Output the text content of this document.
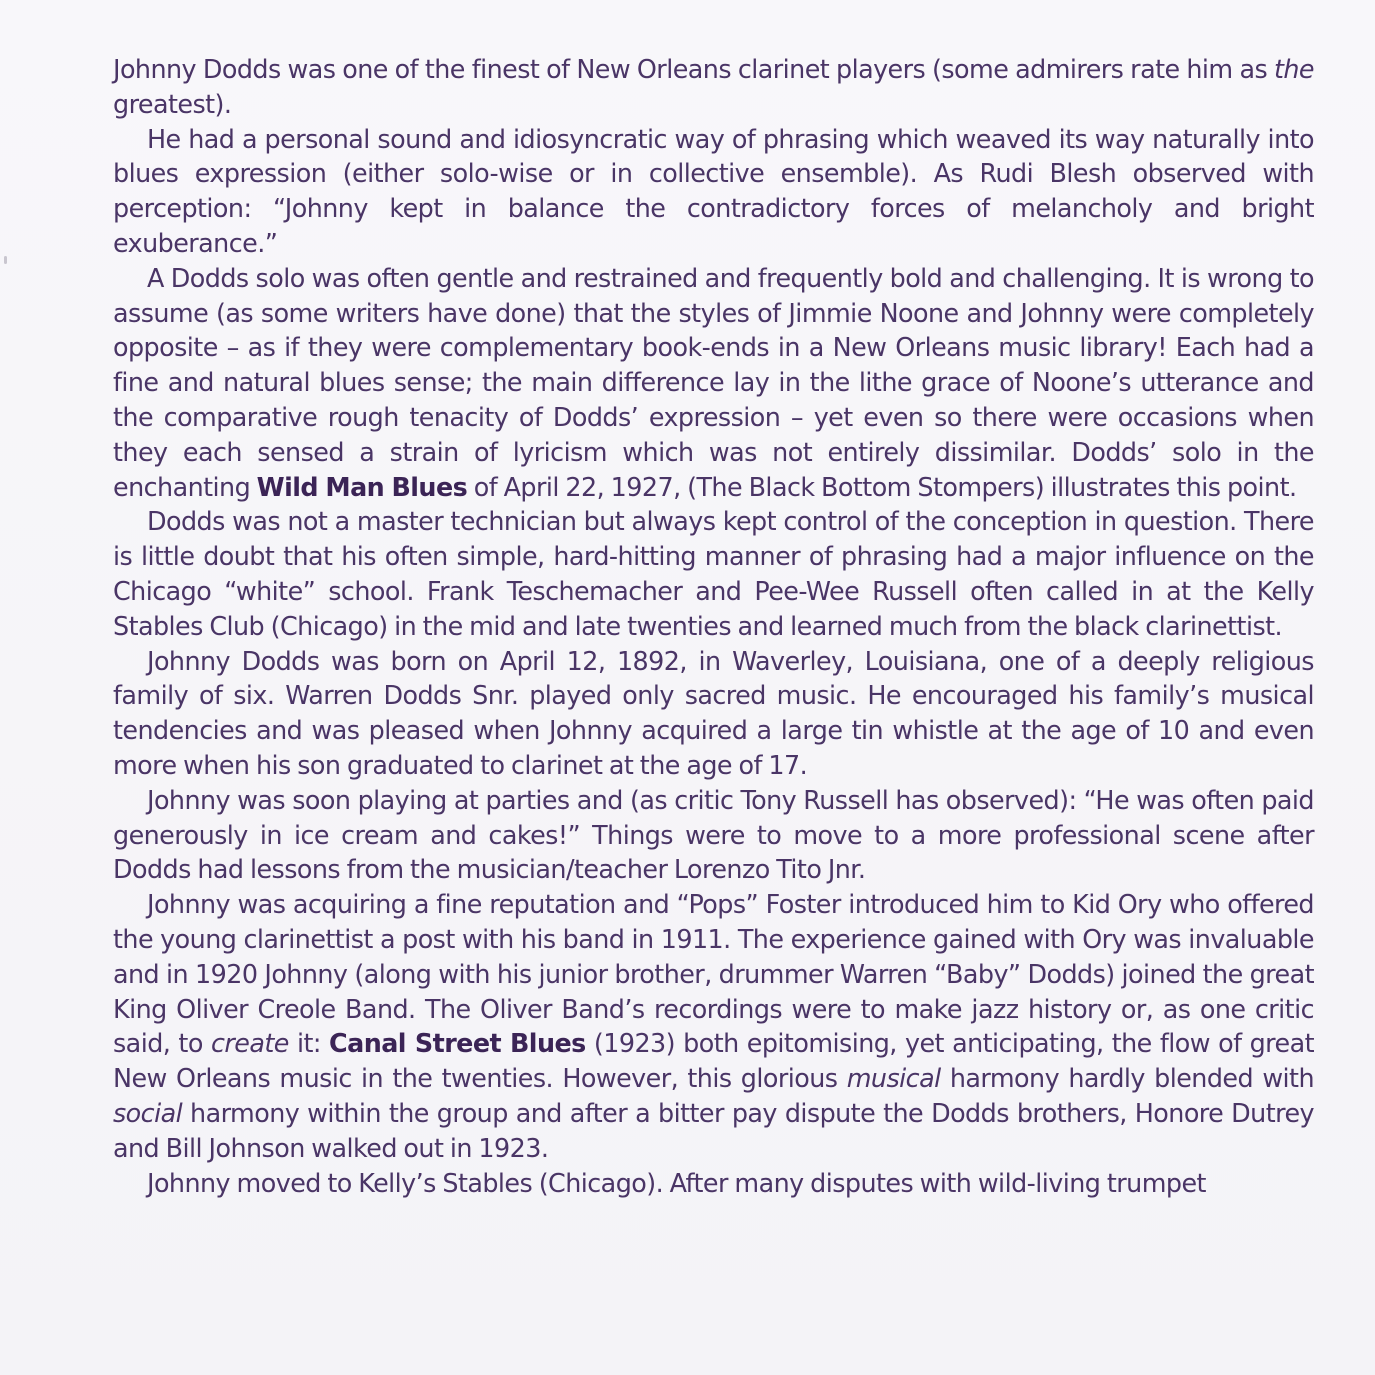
Johnny Dodds was one of the finest of New Orleans clarinet players (some admirers rate him as the greatest).

He had a personal sound and idiosyncratic way of phrasing which weaved its way naturally into blues expression (either solo-wise or in collective ensemble). As Rudi Blesh observed with perception: “Johnny kept in balance the contradictory forces of melancholy and bright exuberance.”

A Dodds solo was often gentle and restrained and frequently bold and challenging. It is wrong to assume (as some writers have done) that the styles of Jimmie Noone and Johnny were completely opposite – as if they were complementary book-ends in a New Orleans music library! Each had a fine and natural blues sense; the main difference lay in the lithe grace of Noone’s utterance and the comparative rough tenacity of Dodds’ expression – yet even so there were occasions when they each sensed a strain of lyricism which was not entirely dissimilar. Dodds’ solo in the enchanting Wild Man Blues of April 22, 1927, (The Black Bottom Stompers) illustrates this point.

Dodds was not a master technician but always kept control of the conception in question. There is little doubt that his often simple, hard-hitting manner of phrasing had a major influence on the Chicago “white” school. Frank Teschemacher and Pee-Wee Russell often called in at the Kelly Stables Club (Chicago) in the mid and late twenties and learned much from the black clarinettist.

Johnny Dodds was born on April 12, 1892, in Waverley, Louisiana, one of a deeply religious family of six. Warren Dodds Snr. played only sacred music. He encouraged his family’s musical tendencies and was pleased when Johnny acquired a large tin whistle at the age of 10 and even more when his son graduated to clarinet at the age of 17.

Johnny was soon playing at parties and (as critic Tony Russell has observed): “He was often paid generously in ice cream and cakes!” Things were to move to a more professional scene after Dodds had lessons from the musician/teacher Lorenzo Tito Jnr.

Johnny was acquiring a fine reputation and “Pops” Foster introduced him to Kid Ory who offered the young clarinettist a post with his band in 1911. The experience gained with Ory was invaluable and in 1920 Johnny (along with his junior brother, drummer Warren “Baby” Dodds) joined the great King Oliver Creole Band. The Oliver Band’s recordings were to make jazz history or, as one critic said, to create it: Canal Street Blues (1923) both epitomising, yet anticipating, the flow of great New Orleans music in the twenties. However, this glorious musical harmony hardly blended with social harmony within the group and after a bitter pay dispute the Dodds brothers, Honore Dutrey and Bill Johnson walked out in 1923.

Johnny moved to Kelly’s Stables (Chicago). After many disputes with wild-living trumpet
